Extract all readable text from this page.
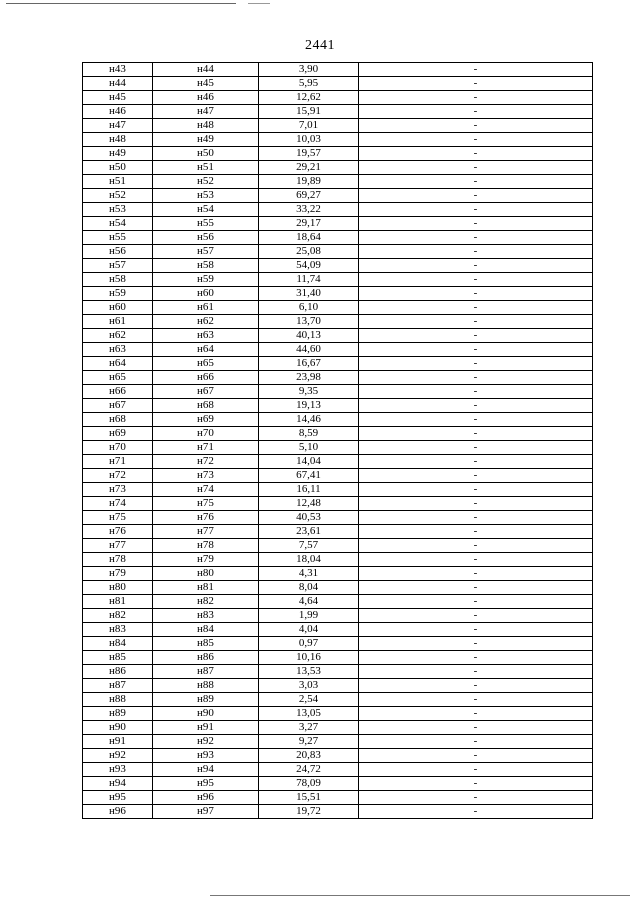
2441
н43	н44	3,90	-
н44	н45	5,95	-
н45	н46	12,62	-
н46	н47	15,91	-
н47	н48	7,01	-
н48	н49	10,03	-
н49	н50	19,57	-
н50	н51	29,21	-
н51	н52	19,89	-
н52	н53	69,27	-
н53	н54	33,22	-
н54	н55	29,17	-
н55	н56	18,64	-
н56	н57	25,08	-
н57	н58	54,09	-
н58	н59	11,74	-
н59	н60	31,40	-
н60	н61	6,10	-
н61	н62	13,70	-
н62	н63	40,13	-
н63	н64	44,60	-
н64	н65	16,67	-
н65	н66	23,98	-
н66	н67	9,35	-
н67	н68	19,13	-
н68	н69	14,46	-
н69	н70	8,59	-
н70	н71	5,10	-
н71	н72	14,04	-
н72	н73	67,41	-
н73	н74	16,11	-
н74	н75	12,48	-
н75	н76	40,53	-
н76	н77	23,61	-
н77	н78	7,57	-
н78	н79	18,04	-
н79	н80	4,31	-
н80	н81	8,04	-
н81	н82	4,64	-
н82	н83	1,99	-
н83	н84	4,04	-
н84	н85	0,97	-
н85	н86	10,16	-
н86	н87	13,53	-
н87	н88	3,03	-
н88	н89	2,54	-
н89	н90	13,05	-
н90	н91	3,27	-
н91	н92	9,27	-
н92	н93	20,83	-
н93	н94	24,72	-
н94	н95	78,09	-
н95	н96	15,51	-
н96	н97	19,72	-
